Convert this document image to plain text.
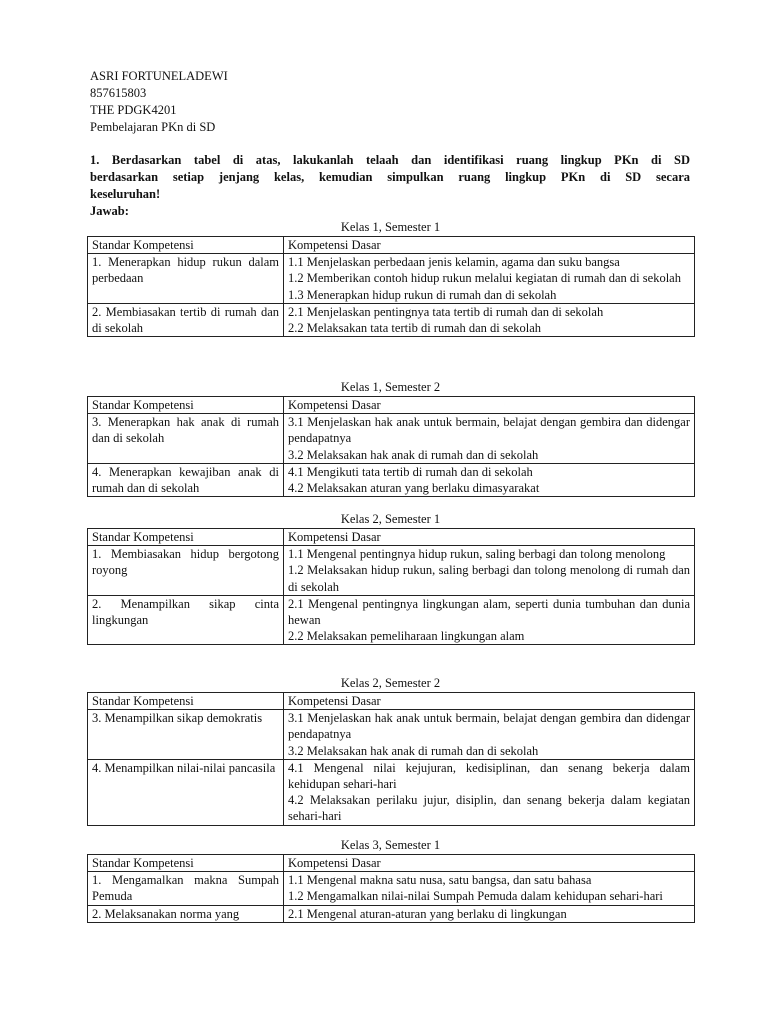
ASRI FORTUNELADEWI
857615803
THE PDGK4201
Pembelajaran PKn di SD
1. Berdasarkan tabel di atas, lakukanlah telaah dan identifikasi ruang lingkup PKn di SD
berdasarkan setiap jenjang kelas, kemudian simpulkan ruang lingkup PKn di SD secara
keseluruhan!
Jawab:
Kelas 1, Semester 1
Standar Kompetensi	Kompetensi Dasar
1. Menerapkan hidup rukun dalam perbedaan	1.1 Menjelaskan perbedaan jenis kelamin, agama dan suku bangsa
1.2 Memberikan contoh hidup rukun melalui kegiatan di rumah dan di sekolah
1.3 Menerapkan hidup rukun di rumah dan di sekolah

2. Membiasakan tertib di rumah dan di sekolah	2.1 Menjelaskan pentingnya tata tertib di rumah dan di sekolah
2.2 Melaksakan tata tertib di rumah dan di sekolah
Kelas 1, Semester 2
Standar Kompetensi	Kompetensi Dasar
3. Menerapkan hak anak di rumah dan di sekolah	3.1 Menjelaskan hak anak untuk bermain, belajat dengan gembira dan didengar pendapatnya
3.2 Melaksakan hak anak di rumah dan di sekolah

4. Menerapkan kewajiban anak di rumah dan di sekolah	4.1 Mengikuti tata tertib di rumah dan di sekolah
4.2 Melaksakan aturan yang berlaku dimasyarakat
Kelas 2, Semester 1
Standar Kompetensi	Kompetensi Dasar
1. Membiasakan hidup bergotong royong	1.1 Mengenal pentingnya hidup rukun, saling berbagi dan tolong menolong
1.2 Melaksakan hidup rukun, saling berbagi dan tolong menolong di rumah dan di sekolah

2. Menampilkan sikap cinta lingkungan	2.1 Mengenal pentingnya lingkungan alam, seperti dunia tumbuhan dan dunia hewan
2.2 Melaksakan pemeliharaan lingkungan alam
Kelas 2, Semester 2
Standar Kompetensi	Kompetensi Dasar
3. Menampilkan sikap demokratis	3.1 Menjelaskan hak anak untuk bermain, belajat dengan gembira dan didengar pendapatnya
3.2 Melaksakan hak anak di rumah dan di sekolah

4. Menampilkan nilai-nilai pancasila	4.1 Mengenal nilai kejujuran, kedisiplinan, dan senang bekerja dalam kehidupan sehari-hari
4.2 Melaksakan perilaku jujur, disiplin, dan senang bekerja dalam kegiatan sehari-hari
Kelas 3, Semester 1
Standar Kompetensi	Kompetensi Dasar
1. Mengamalkan makna Sumpah Pemuda	1.1 Mengenal makna satu nusa, satu bangsa, dan satu bahasa
1.2 Mengamalkan nilai-nilai Sumpah Pemuda dalam kehidupan sehari-hari

2. Melaksanakan norma yang	2.1 Mengenal aturan-aturan yang berlaku di lingkungan
